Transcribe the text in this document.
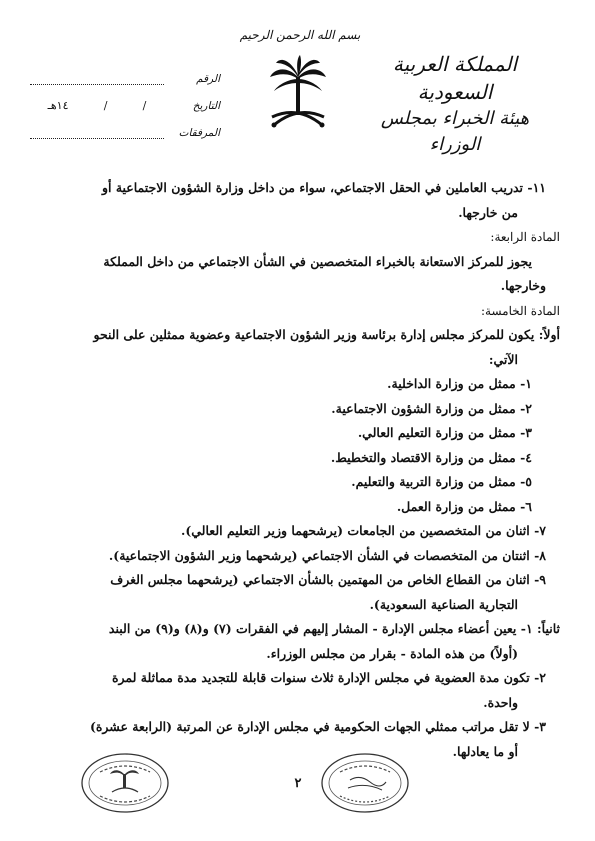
بسم الله الرحمن الرحيم
المملكة العربية السعودية
هيئة الخبراء بمجلس الوزراء
الرقم
التاريخ
/
/
١٤هـ
المرفقات

١١- تدريب العاملين في الحقل الاجتماعي، سواء من داخل وزارة الشؤون الاجتماعية أو

من خارجها.

المادة الرابعة:

يجوز للمركز الاستعانة بالخبراء المتخصصين في الشأن الاجتماعي من داخل المملكة

وخارجها.

المادة الخامسة:

أولاً: يكون للمركز مجلس إدارة برئاسة وزير الشؤون الاجتماعية وعضوية ممثلين على النحو

الآتي:

١- ممثل من وزارة الداخلية.

٢- ممثل من وزارة الشؤون الاجتماعية.

٣- ممثل من وزارة التعليم العالي.

٤- ممثل من وزارة الاقتصاد والتخطيط.

٥- ممثل من وزارة التربية والتعليم.

٦- ممثل من وزارة العمل.

٧- اثنان من المتخصصين من الجامعات (يرشحهما وزير التعليم العالي).

٨- اثنتان من المتخصصات في الشأن الاجتماعي (يرشحهما وزير الشؤون الاجتماعية).

٩- اثنان من القطاع الخاص من المهتمين بالشأن الاجتماعي (يرشحهما مجلس الغرف

التجارية الصناعية السعودية).

ثانياً: ١- يعين أعضاء مجلس الإدارة - المشار إليهم في الفقرات (٧) و(٨) و(٩) من البند

(أولاً) من هذه المادة - بقرار من مجلس الوزراء.

٢- تكون مدة العضوية في مجلس الإدارة ثلاث سنوات قابلة للتجديد مدة مماثلة لمرة

واحدة.

٣- لا تقل مراتب ممثلي الجهات الحكومية في مجلس الإدارة عن المرتبة (الرابعة عشرة)

أو ما يعادلها.

٢
